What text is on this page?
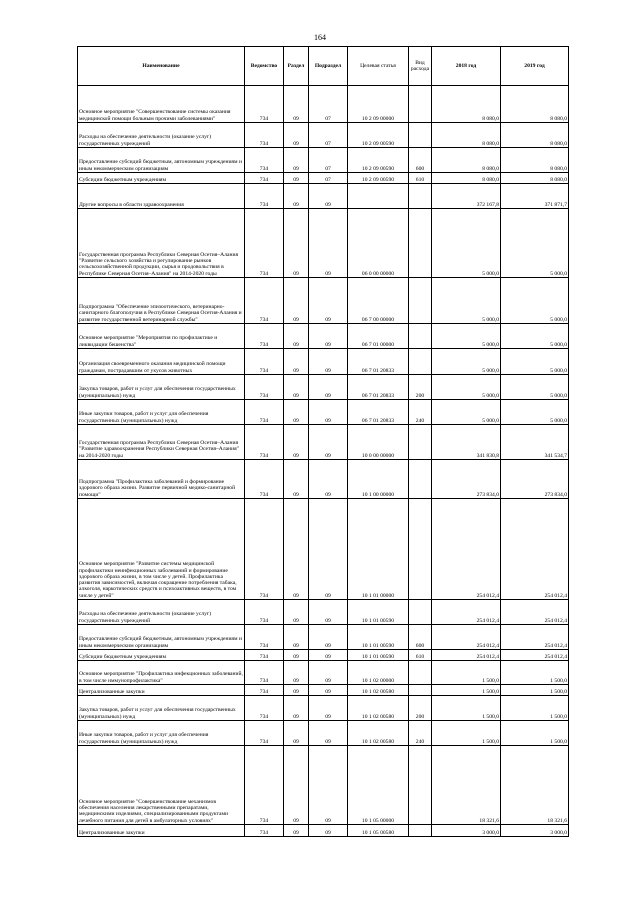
164
Наименование	Ведомство	Раздел	Подраздел	Целевая статья	Вид расхода	2018 год	2019 год
Основное мероприятие "Совершенствование системы оказания медицинской помощи больным прочими заболеваниями"	734	09	07	10 2 09 00000		8 080,0	8 080,0
Расходы на обеспечение деятельности (оказание услуг) государственных учреждений	734	09	07	10 2 09 00590		8 080,0	8 080,0
Предоставление субсидий бюджетным, автономным учреждениям и иным некоммерческим организациям	734	09	07	10 2 09 00590	600	8 080,0	8 080,0
Субсидии бюджетным учреждениям	734	09	07	10 2 09 00590	610	8 080,0	8 080,0
Другие вопросы в области здравоохранения	734	09	09			372 167,8	371 871,7
Государственная программа Республики Северная Осетия–Алания "Развитие сельского хозяйства и регулирование рынков сельскохозяйственной продукции, сырья и продовольствия в Республике Северная Осетия–Алания" на 2014-2020 годы	734	09	09	06 0 00 00000		5 000,0	5 000,0
Подпрограмма "Обеспечение эпизоотического, ветеринарно-санитарного благополучия в Республике Северная Осетия-Алания и развитие государственной ветеринарной службы"	734	09	09	06 7 00 00000		5 000,0	5 000,0
Основное мероприятие "Мероприятия по профилактике и ликвидации бешенства"	734	09	09	06 7 01 00000		5 000,0	5 000,0
Организация своевременного оказания медицинской помощи гражданам, пострадавшим от укусов животных	734	09	09	06 7 01 20833		5 000,0	5 000,0
Закупка товаров, работ и услуг для обеспечения государственных (муниципальных) нужд	734	09	09	06 7 01 20833	200	5 000,0	5 000,0
Иные закупки товаров, работ и услуг для обеспечения государственных (муниципальных) нужд	734	09	09	06 7 01 20833	240	5 000,0	5 000,0
Государственная программа Республики Северная Осетия–Алания "Развитие здравоохранения Республики Северная Осетия–Алания" на 2014-2020 годы	734	09	09	10 0 00 00000		341 830,8	341 534,7
Подпрограмма "Профилактика заболеваний и формирование здорового образа жизни. Развитие первичной медико-санитарной помощи"	734	09	09	10 1 00 00000		273 834,0	273 834,0
Основное мероприятие "Развитие системы медицинской профилактики неинфекционных заболеваний и формирование здорового образа жизни, в том числе у детей. Профилактика развития зависимостей, включая сокращение потребления табака, алкоголя, наркотических средств и психоактивных веществ, в том числе у детей"	734	09	09	10 1 01 00000		254 012,4	254 012,4
Расходы на обеспечение деятельности (оказание услуг) государственных учреждений	734	09	09	10 1 01 00590		254 012,4	254 012,4
Предоставление субсидий бюджетным, автономным учреждениям и иным некоммерческим организациям	734	09	09	10 1 01 00590	600	254 012,4	254 012,4
Субсидии бюджетным учреждениям	734	09	09	10 1 01 00590	610	254 012,4	254 012,4
Основное мероприятие "Профилактика инфекционных заболеваний, в том числе иммунопрофилактика"	734	09	09	10 1 02 00000		1 500,0	1 500,0
Централизованные закупки	734	09	09	10 1 02 00580		1 500,0	1 500,0
Закупка товаров, работ и услуг для обеспечения государственных (муниципальных) нужд	734	09	09	10 1 02 00580	200	1 500,0	1 500,0
Иные закупки товаров, работ и услуг для обеспечения государственных (муниципальных) нужд	734	09	09	10 1 02 00580	240	1 500,0	1 500,0
Основное мероприятие "Совершенствование механизмов обеспечения населения лекарственными препаратами, медицинскими изделиями, специализированными продуктами лечебного питания для детей в амбулаторных условиях"	734	09	09	10 1 05 00000		18 321,6	18 321,6
Централизованные закупки	734	09	09	10 1 05 00580		3 000,0	3 000,0
